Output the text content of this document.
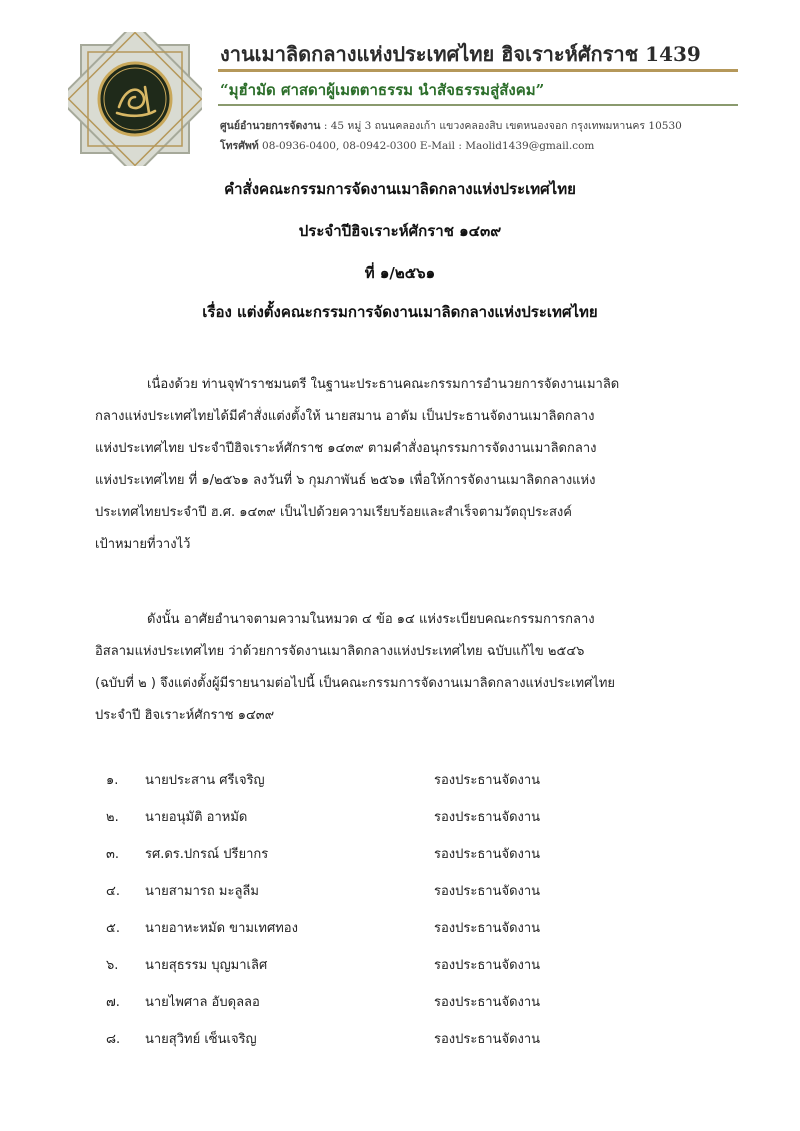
งานเมาลิดกลางแห่งประเทศไทย ฮิจเราะห์ศักราช 1439
“มุฮำมัด ศาสดาผู้เมตตาธรรม นำสัจธรรมสู่สังคม”
ศูนย์อำนวยการจัดงาน : 45 หมู่ 3 ถนนคลองเก้า แขวงคลองสิบ เขตหนองจอก กรุงเทพมหานคร 10530
โทรศัพท์ 08-0936-0400, 08-0942-0300 E-Mail : Maolid1439@gmail.com
คำสั่งคณะกรรมการจัดงานเมาลิดกลางแห่งประเทศไทย
ประจำปีฮิจเราะห์ศักราช ๑๔๓๙
ที่ ๑/๒๕๖๑
เรื่อง แต่งตั้งคณะกรรมการจัดงานเมาลิดกลางแห่งประเทศไทย
เนื่องด้วย ท่านจุฬาราชมนตรี ในฐานะประธานคณะกรรมการอำนวยการจัดงานเมาลิด
กลางแห่งประเทศไทยได้มีคำสั่งแต่งตั้งให้ นายสมาน อาดัม เป็นประธานจัดงานเมาลิดกลาง
แห่งประเทศไทย ประจำปีฮิจเราะห์ศักราช ๑๔๓๙ ตามคำสั่งอนุกรรมการจัดงานเมาลิดกลาง
แห่งประเทศไทย ที่ ๑/๒๕๖๑ ลงวันที่ ๖ กุมภาพันธ์ ๒๕๖๑ เพื่อให้การจัดงานเมาลิดกลางแห่ง
ประเทศไทยประจำปี ฮ.ศ. ๑๔๓๙ เป็นไปด้วยความเรียบร้อยและสำเร็จตามวัตถุประสงค์
เป้าหมายที่วางไว้
ดังนั้น อาศัยอำนาจตามความในหมวด ๔ ข้อ ๑๔ แห่งระเบียบคณะกรรมการกลาง
อิสลามแห่งประเทศไทย ว่าด้วยการจัดงานเมาลิดกลางแห่งประเทศไทย ฉบับแก้ไข ๒๕๔๖
(ฉบับที่ ๒ ) จึงแต่งตั้งผู้มีรายนามต่อไปนี้ เป็นคณะกรรมการจัดงานเมาลิดกลางแห่งประเทศไทย
ประจำปี ฮิจเราะห์ศักราช ๑๔๓๙
๑. นายประสาน ศรีเจริญ	รองประธานจัดงาน
๒. นายอนุมัติ อาหมัด	รองประธานจัดงาน
๓. รศ.ดร.ปกรณ์ ปรียากร	รองประธานจัดงาน
๔. นายสามารถ มะลูลีม	รองประธานจัดงาน
๕. นายอาหะหมัด ขามเทศทอง	รองประธานจัดงาน
๖. นายสุธรรม บุญมาเลิศ	รองประธานจัดงาน
๗. นายไพศาล อับดุลลอ	รองประธานจัดงาน
๘. นายสุวิทย์ เซ็นเจริญ	รองประธานจัดงาน
